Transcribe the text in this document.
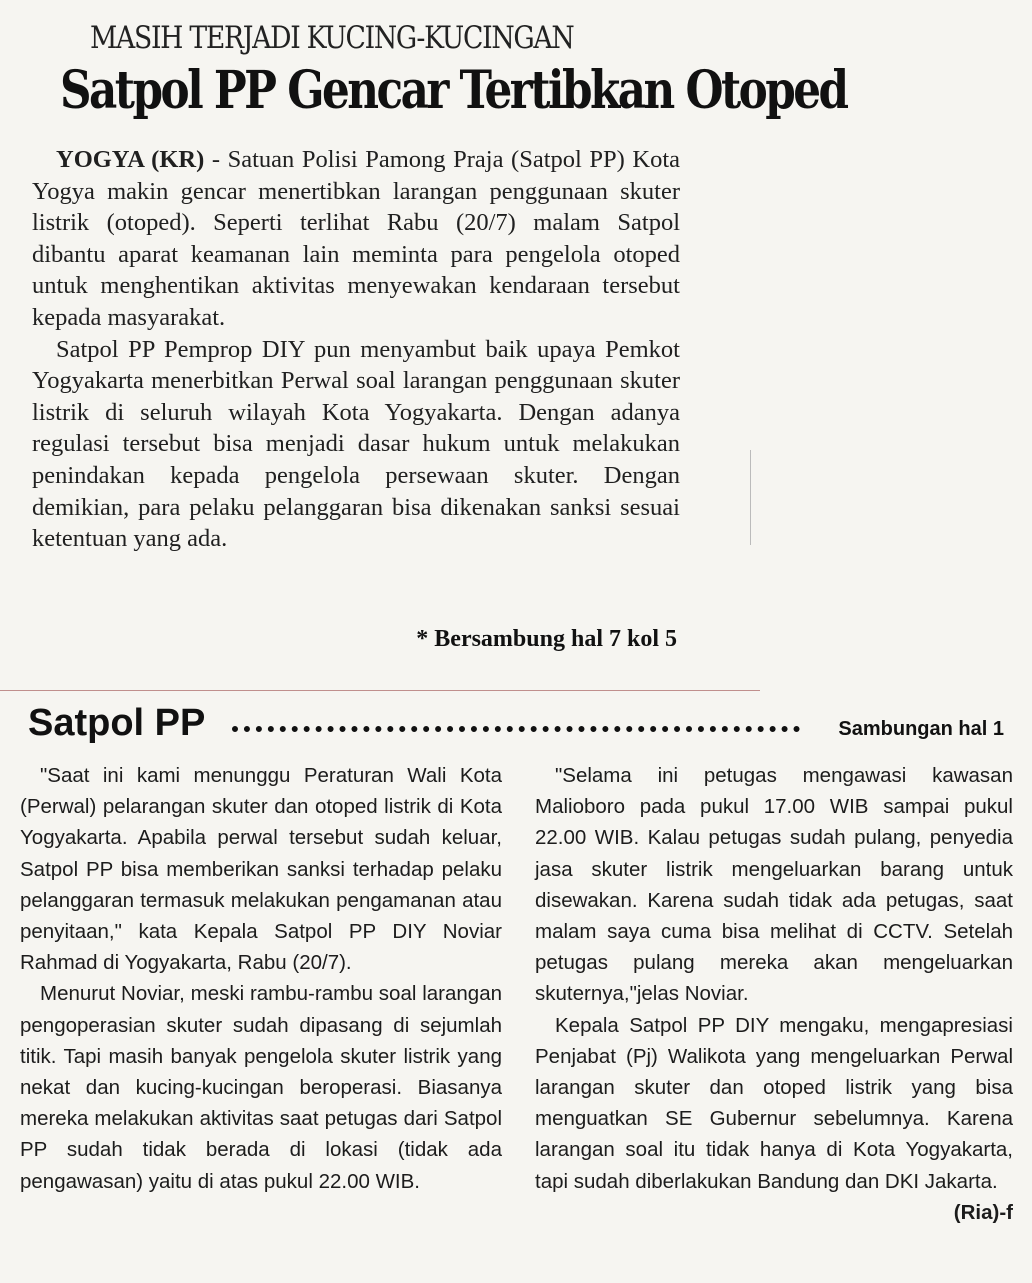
MASIH TERJADI KUCING-KUCINGAN
Satpol PP Gencar Tertibkan Otoped

YOGYA (KR) - Satuan Polisi Pamong Praja (Satpol PP) Kota Yogya makin gencar menertibkan larangan penggunaan skuter listrik (otoped). Seperti terlihat Rabu (20/7) malam Satpol dibantu aparat keamanan lain meminta para pengelola otoped untuk menghentikan aktivitas menyewakan kendaraan tersebut kepada masyarakat.

Satpol PP Pemprop DIY pun menyambut baik upaya Pemkot Yogyakarta menerbitkan Perwal soal larangan penggunaan skuter listrik di seluruh wilayah Kota Yogyakarta. Dengan adanya regulasi tersebut bisa menjadi dasar hukum untuk melakukan penindakan kepada pengelola persewaan skuter. Dengan demikian, para pelaku pelanggaran bisa dikenakan sanksi sesuai ketentuan yang ada.

* Bersambung hal 7 kol 5
Satpol PP	Sambungan hal 1

"Saat ini kami menunggu Peraturan Wali Kota (Perwal) pelarangan skuter dan otoped listrik di Kota Yogyakarta. Apabila perwal tersebut sudah keluar, Satpol PP bisa memberikan sanksi terhadap pelaku pelanggaran termasuk melakukan pengamanan atau penyitaan," kata Kepala Satpol PP DIY Noviar Rahmad di Yogyakarta, Rabu (20/7).

Menurut Noviar, meski rambu-rambu soal larangan pengoperasian skuter sudah dipasang di sejumlah titik. Tapi masih banyak pengelola skuter listrik yang nekat dan kucing-kucingan beroperasi. Biasanya mereka melakukan aktivitas saat petugas dari Satpol PP sudah tidak berada di lokasi (tidak ada pengawasan) yaitu di atas pukul 22.00 WIB.

"Selama ini petugas mengawasi kawasan Malioboro pada pukul 17.00 WIB sampai pukul 22.00 WIB. Kalau petugas sudah pulang, penyedia jasa skuter listrik mengeluarkan barang untuk disewakan. Karena sudah tidak ada petugas, saat malam saya cuma bisa melihat di CCTV. Setelah petugas pulang mereka akan mengeluarkan skuternya,"jelas Noviar.

Kepala Satpol PP DIY mengaku, mengapresiasi Penjabat (Pj) Walikota yang mengeluarkan Perwal larangan skuter dan otoped listrik yang bisa menguatkan SE Gubernur sebelumnya. Karena larangan soal itu tidak hanya di Kota Yogyakarta, tapi sudah diberlakukan Bandung dan DKI Jakarta.
(Ria)-f
